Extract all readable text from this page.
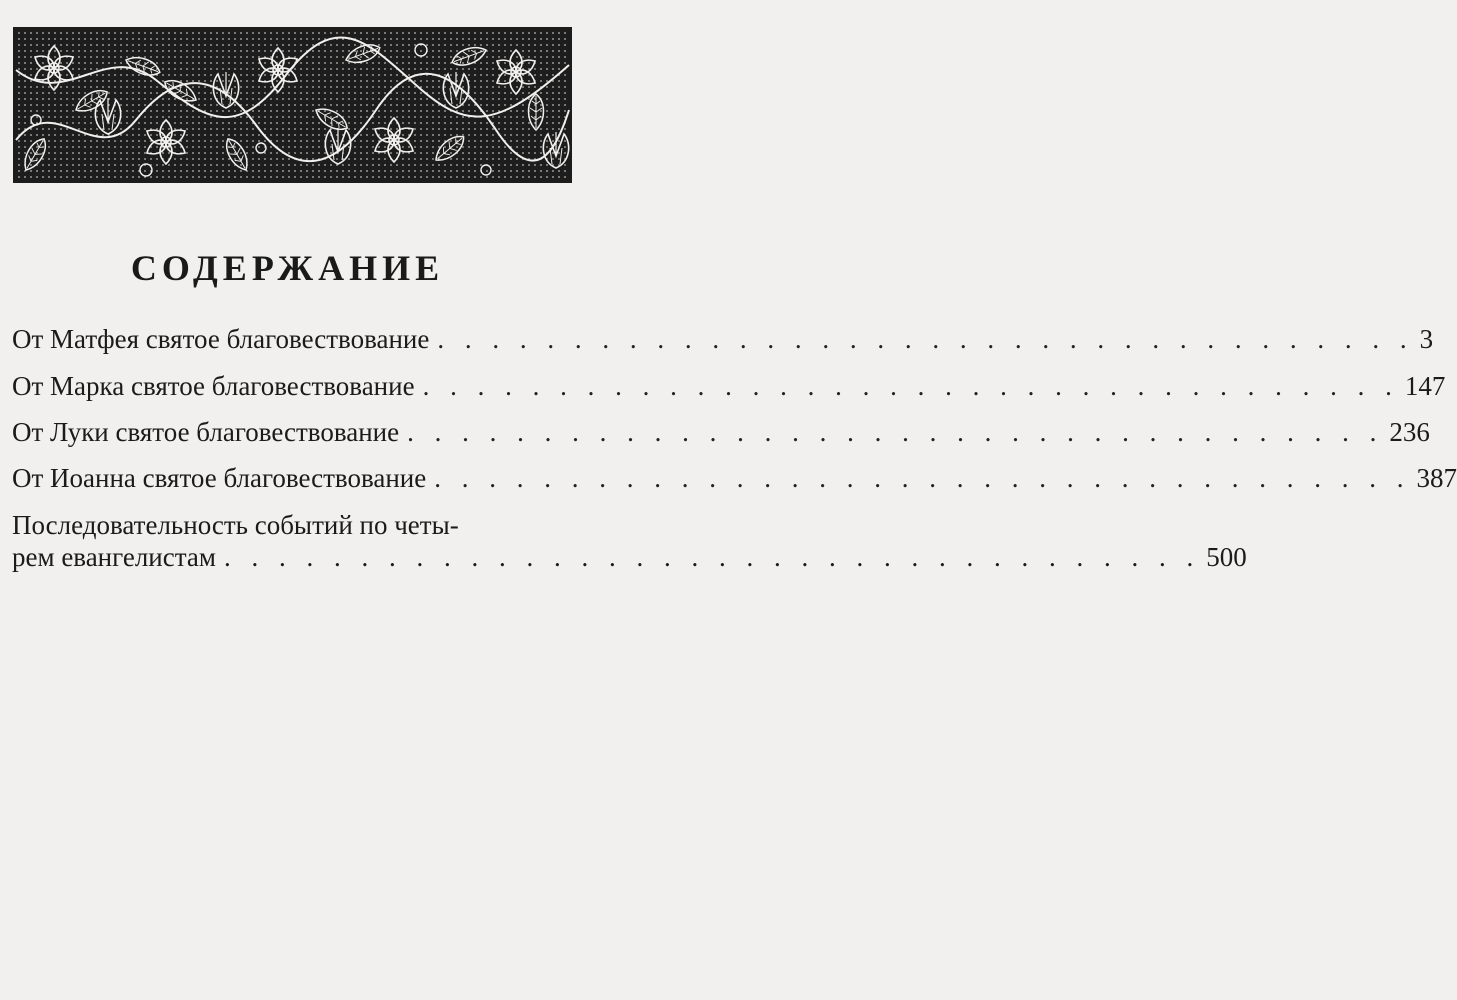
СОДЕРЖАНИЕ
От Матфея святое благовествование . . . . . . . . . . . . . . . . . . . . . . . . . . . . . . . . . . . . 3
От Марка святое благовествование . . . . . . . . . . . . . . . . . . . . . . . . . . . . . . . . . . . . 147
От Луки святое благовествование . . . . . . . . . . . . . . . . . . . . . . . . . . . . . . . . . . . . 236
От Иоанна святое благовествование . . . . . . . . . . . . . . . . . . . . . . . . . . . . . . . . . . . . 387
Последовательность событий по четы-
рем евангелистам . . . . . . . . . . . . . . . . . . . . . . . . . . . . . . . . . . . . 500
